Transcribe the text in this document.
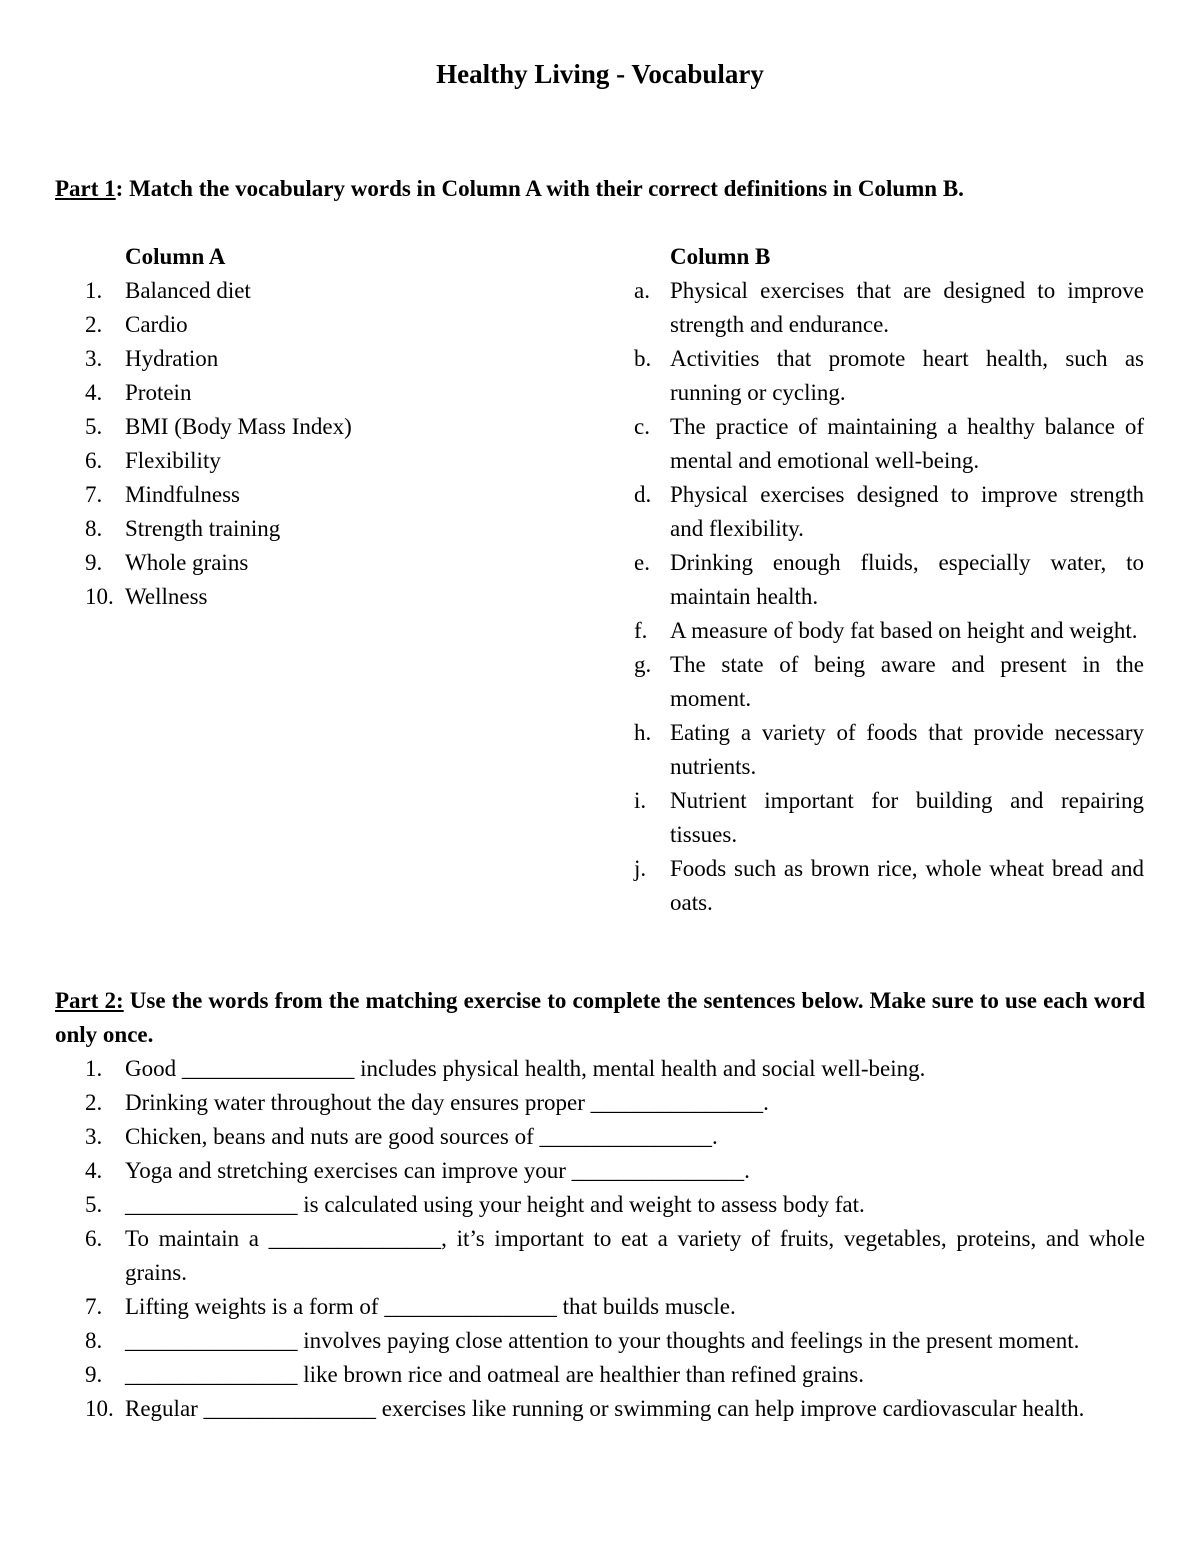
Healthy Living - Vocabulary
Part 1: Match the vocabulary words in Column A with their correct definitions in Column B.
Column A	Column B
1. Balanced diet
2. Cardio
3. Hydration
4. Protein
5. BMI (Body Mass Index)
6. Flexibility
7. Mindfulness
8. Strength training
9. Whole grains
10. Wellness
a. Physical exercises that are designed to improve strength and endurance.
b. Activities that promote heart health, such as running or cycling.
c. The practice of maintaining a healthy balance of mental and emotional well-being.
d. Physical exercises designed to improve strength and flexibility.
e. Drinking enough fluids, especially water, to maintain health.
f. A measure of body fat based on height and weight.
g. The state of being aware and present in the moment.
h. Eating a variety of foods that provide necessary nutrients.
i.	Nutrient important for building and repairing tissues.
j.	Foods such as brown rice, whole wheat bread and oats.
Part 2: Use the words from the matching exercise to complete the sentences below. Make sure to use each word only once.
1. Good _______________ includes physical health, mental health and social well-being.
2. Drinking water throughout the day ensures proper _______________.
3. Chicken, beans and nuts are good sources of _______________.
4. Yoga and stretching exercises can improve your _______________.
5. _______________ is calculated using your height and weight to assess body fat.
6. To maintain a _______________, it’s important to eat a variety of fruits, vegetables, proteins, and whole grains.
7. Lifting weights is a form of _______________ that builds muscle.
8. _______________ involves paying close attention to your thoughts and feelings in the present moment.
9. _______________ like brown rice and oatmeal are healthier than refined grains.
10. Regular _______________ exercises like running or swimming can help improve cardiovascular health.
